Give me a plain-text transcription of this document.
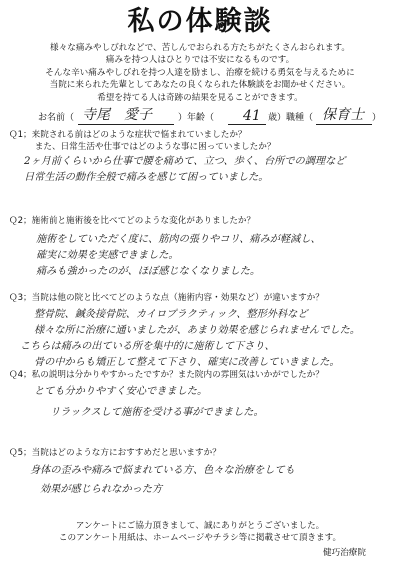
私の体験談
様々な痛みやしびれなどで、苦しんでおられる方たちがたくさんおられます。
痛みを持つ人はひとりでは不安になるものです。
そんな辛い痛みやしびれを持つ人達を励まし、治療を続ける勇気を与えるために
当院に来られた先輩としてあなたの良くなられた体験談をお聞かせください。
希望を持てる人は奇跡の結果を見ることができます。
お名前（ 寺尾　愛子	）年齢（ 41 歳）職種（ 保育士 ）
Ｑ1；来院される前はどのような症状で悩まれていましたか？
　　　また、日常生活や仕事ではどのような事に困っていましたか？
2ヶ月前くらいから仕事で腰を痛めて、立つ、歩く、台所での調理など
日常生活の動作全般で痛みを感じて困っていました。
Ｑ2；施術前と施術後を比べてどのような変化がありましたか？
施術をしていただく度に、筋肉の張りやコリ、痛みが軽減し、
確実に効果を実感できました。
痛みも強かったのが、ほぼ感じなくなりました。
Ｑ3；当院は他の院と比べてどのような点（施術内容・効果など）が違いますか？
整骨院、鍼灸接骨院、カイロプラクティック、整形外科など
様々な所に治療に通いましたが、あまり効果を感じられませんでした。
こちらは痛みの出ている所を集中的に施術して下さり、
骨の中からも矯正して整えて下さり、確実に改善していきました。
Ｑ4；私の説明は分かりやすかったですか？また院内の雰囲気はいかがでしたか？
とても分かりやすく安心できました。
リラックスして施術を受ける事ができました。
Ｑ5；当院はどのような方におすすめだと思いますか？
身体の歪みや痛みで悩まれている方、色々な治療をしても
効果が感じられなかった方
アンケートにご協力頂きまして、誠にありがとうございました。
このアンケート用紙は、ホームページやチラシ等に掲載させて頂きます。
健巧治療院
